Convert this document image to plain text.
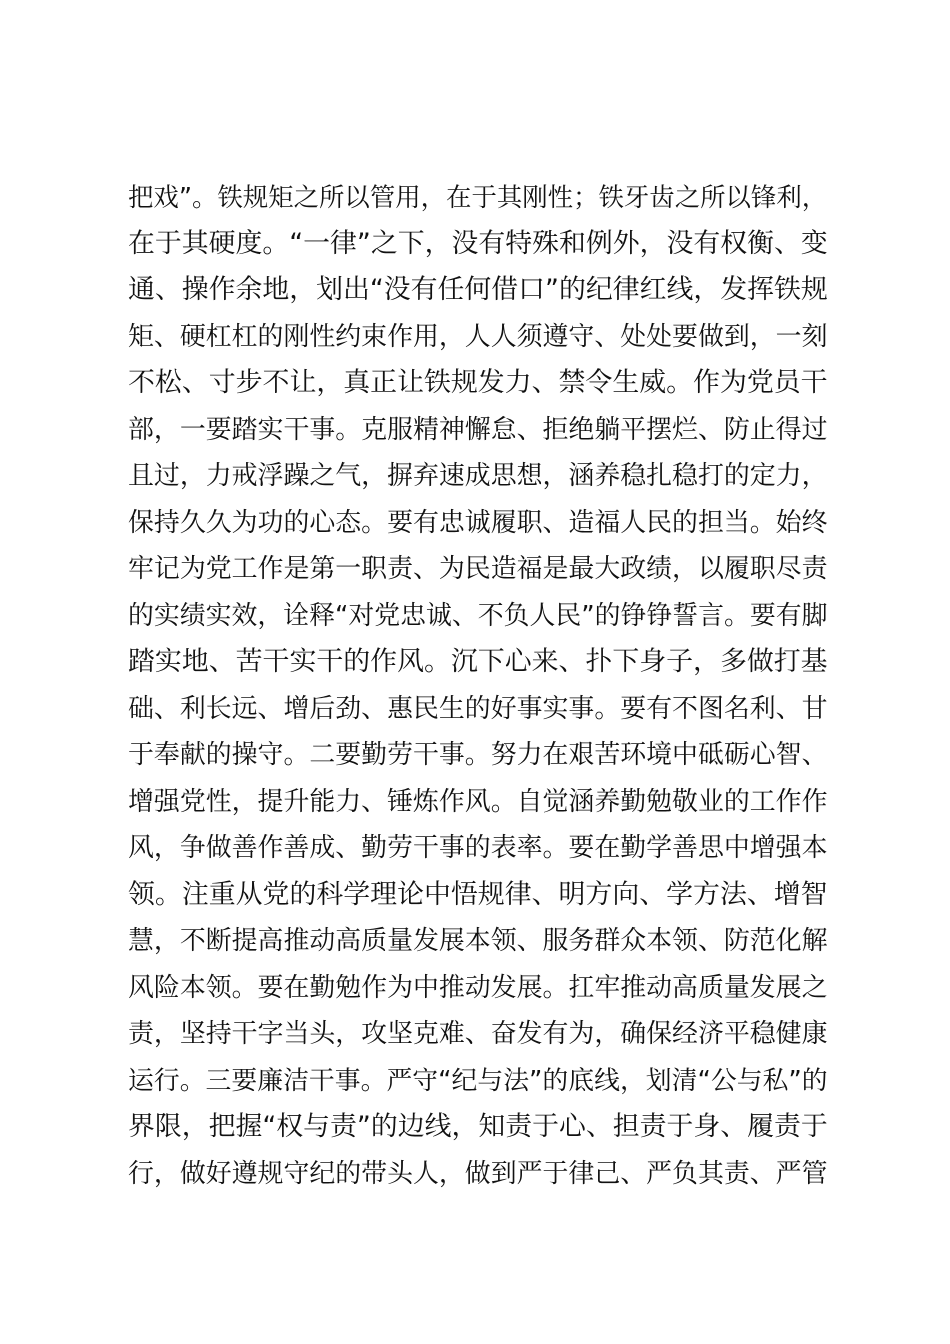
把戏”。铁规矩之所以管用，在于其刚性；铁牙齿之所以锋利，
在于其硬度。“一律”之下，没有特殊和例外，没有权衡、变
通、操作余地，划出“没有任何借口”的纪律红线，发挥铁规
矩、硬杠杠的刚性约束作用，人人须遵守、处处要做到，一刻
不松、寸步不让，真正让铁规发力、禁令生威。作为党员干
部，一要踏实干事。克服精神懈怠、拒绝躺平摆烂、防止得过
且过，力戒浮躁之气，摒弃速成思想，涵养稳扎稳打的定力，
保持久久为功的心态。要有忠诚履职、造福人民的担当。始终
牢记为党工作是第一职责、为民造福是最大政绩，以履职尽责
的实绩实效，诠释“对党忠诚、不负人民”的铮铮誓言。要有脚
踏实地、苦干实干的作风。沉下心来、扑下身子，多做打基
础、利长远、增后劲、惠民生的好事实事。要有不图名利、甘
于奉献的操守。二要勤劳干事。努力在艰苦环境中砥砺心智、
增强党性，提升能力、锤炼作风。自觉涵养勤勉敬业的工作作
风，争做善作善成、勤劳干事的表率。要在勤学善思中增强本
领。注重从党的科学理论中悟规律、明方向、学方法、增智
慧，不断提高推动高质量发展本领、服务群众本领、防范化解
风险本领。要在勤勉作为中推动发展。扛牢推动高质量发展之
责，坚持干字当头，攻坚克难、奋发有为，确保经济平稳健康
运行。三要廉洁干事。严守“纪与法”的底线，划清“公与私”的
界限，把握“权与责”的边线，知责于心、担责于身、履责于
行，做好遵规守纪的带头人，做到严于律己、严负其责、严管
